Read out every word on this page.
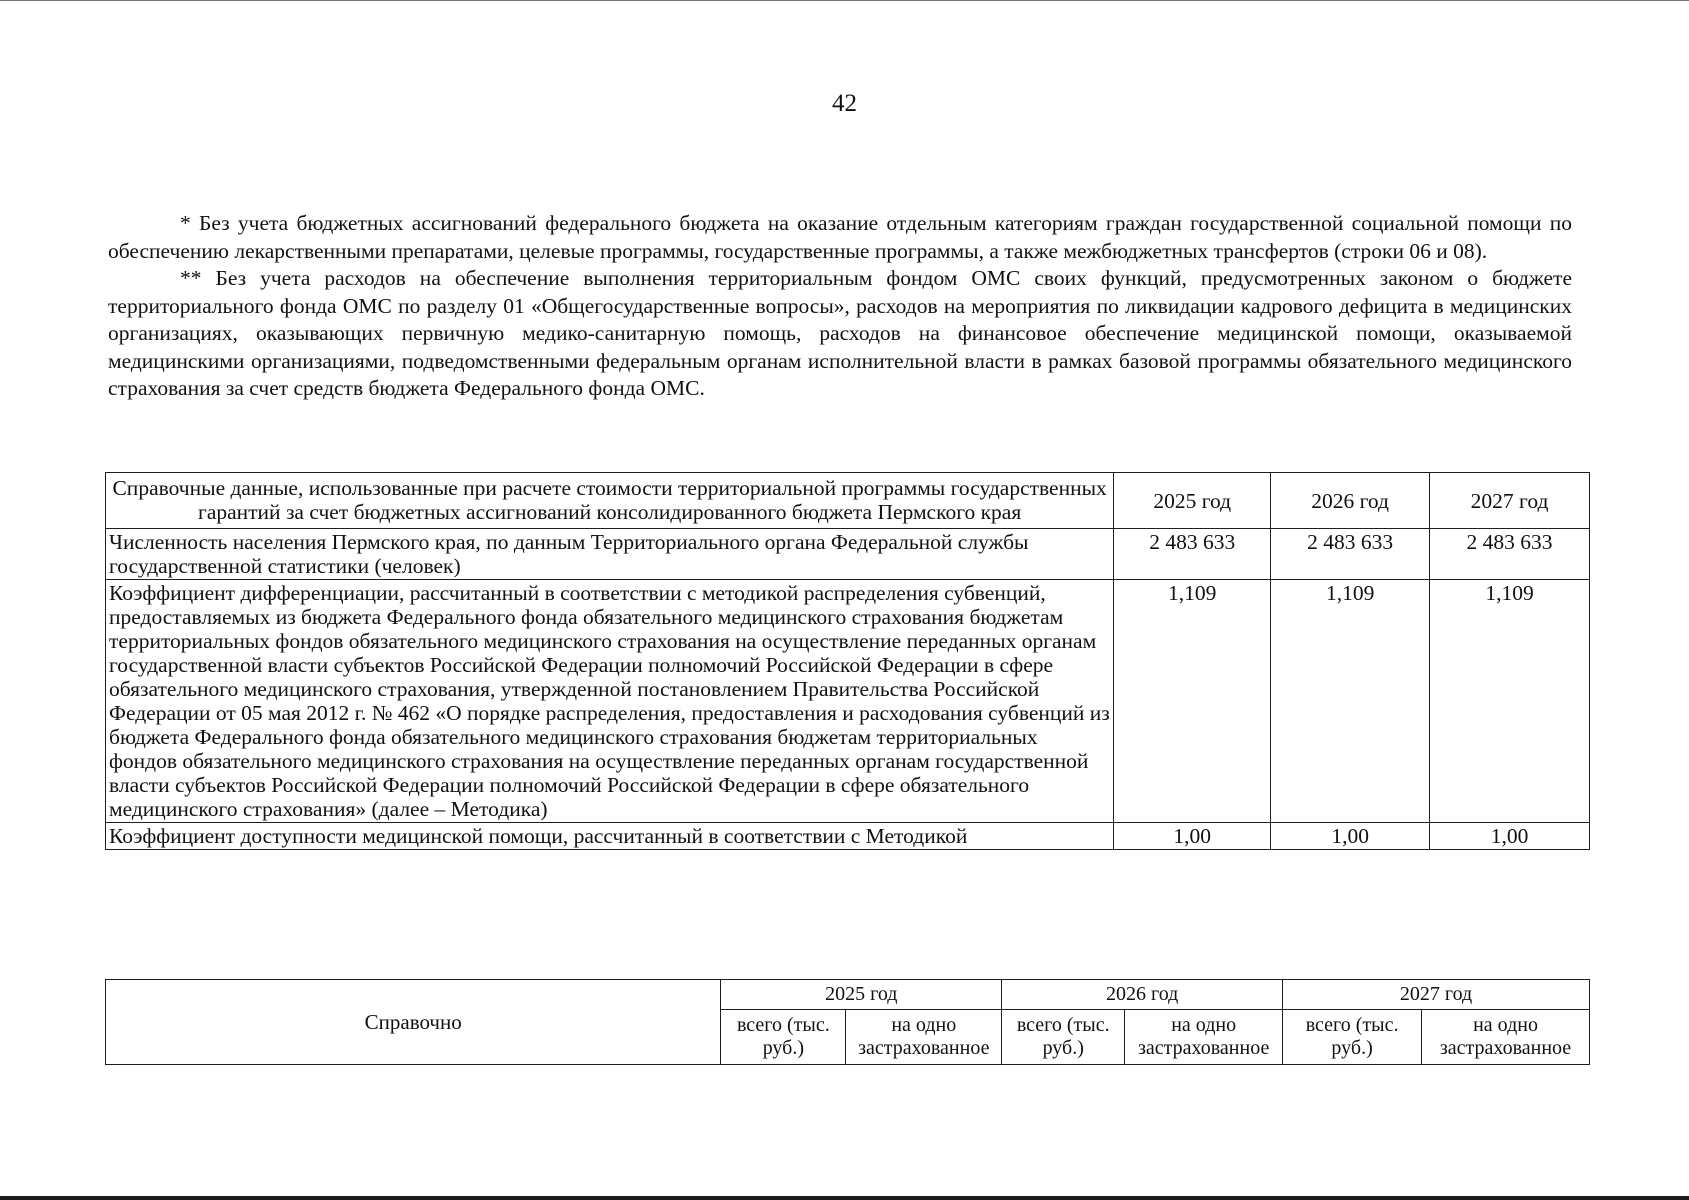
42

* Без учета бюджетных ассигнований федерального бюджета на оказание отдельным категориям граждан государственной социальной помощи по обеспечению лекарственными препаратами, целевые программы, государственные программы, а также межбюджетных трансфертов (строки 06 и 08).

** Без учета расходов на обеспечение выполнения территориальным фондом ОМС своих функций, предусмотренных законом о бюджете территориального фонда ОМС по разделу 01 «Общегосударственные вопросы», расходов на мероприятия по ликвидации кадрового дефицита в медицинских организациях, оказывающих первичную медико-санитарную помощь, расходов на финансовое обеспечение медицинской помощи, оказываемой медицинскими организациями, подведомственными федеральным органам исполнительной власти в рамках базовой программы обязательного медицинского страхования за счет средств бюджета Федерального фонда ОМС.

Справочные данные, использованные при расчете стоимости территориальной программы государственных гарантий за счет бюджетных ассигнований консолидированного бюджета Пермского края	2025 год	2026 год	2027 год
Численность населения Пермского края, по данным Территориального органа Федеральной службы государственной статистики (человек)	2 483 633	2 483 633	2 483 633
Коэффициент дифференциации, рассчитанный в соответствии с методикой распределения субвенций, предоставляемых из бюджета Федерального фонда обязательного медицинского страхования бюджетам территориальных фондов обязательного медицинского страхования на осуществление переданных органам государственной власти субъектов Российской Федерации полномочий Российской Федерации в сфере обязательного медицинского страхования, утвержденной постановлением Правительства Российской Федерации от 05 мая 2012 г. № 462 «О порядке распределения, предоставления и расходования субвенций из бюджета Федерального фонда обязательного медицинского страхования бюджетам территориальных фондов обязательного медицинского страхования на осуществление переданных органам государственной власти субъектов Российской Федерации полномочий Российской Федерации в сфере обязательного медицинского страхования» (далее – Методика)	1,109	1,109	1,109
Коэффициент доступности медицинской помощи, рассчитанный в соответствии с Методикой	1,00	1,00	1,00
Справочно	2025 год		2026 год		2027 год	
	всего (тыс. руб.)	на одно застрахованное	всего (тыс. руб.)	на одно застрахованное	всего (тыс. руб.)	на одно застрахованное
